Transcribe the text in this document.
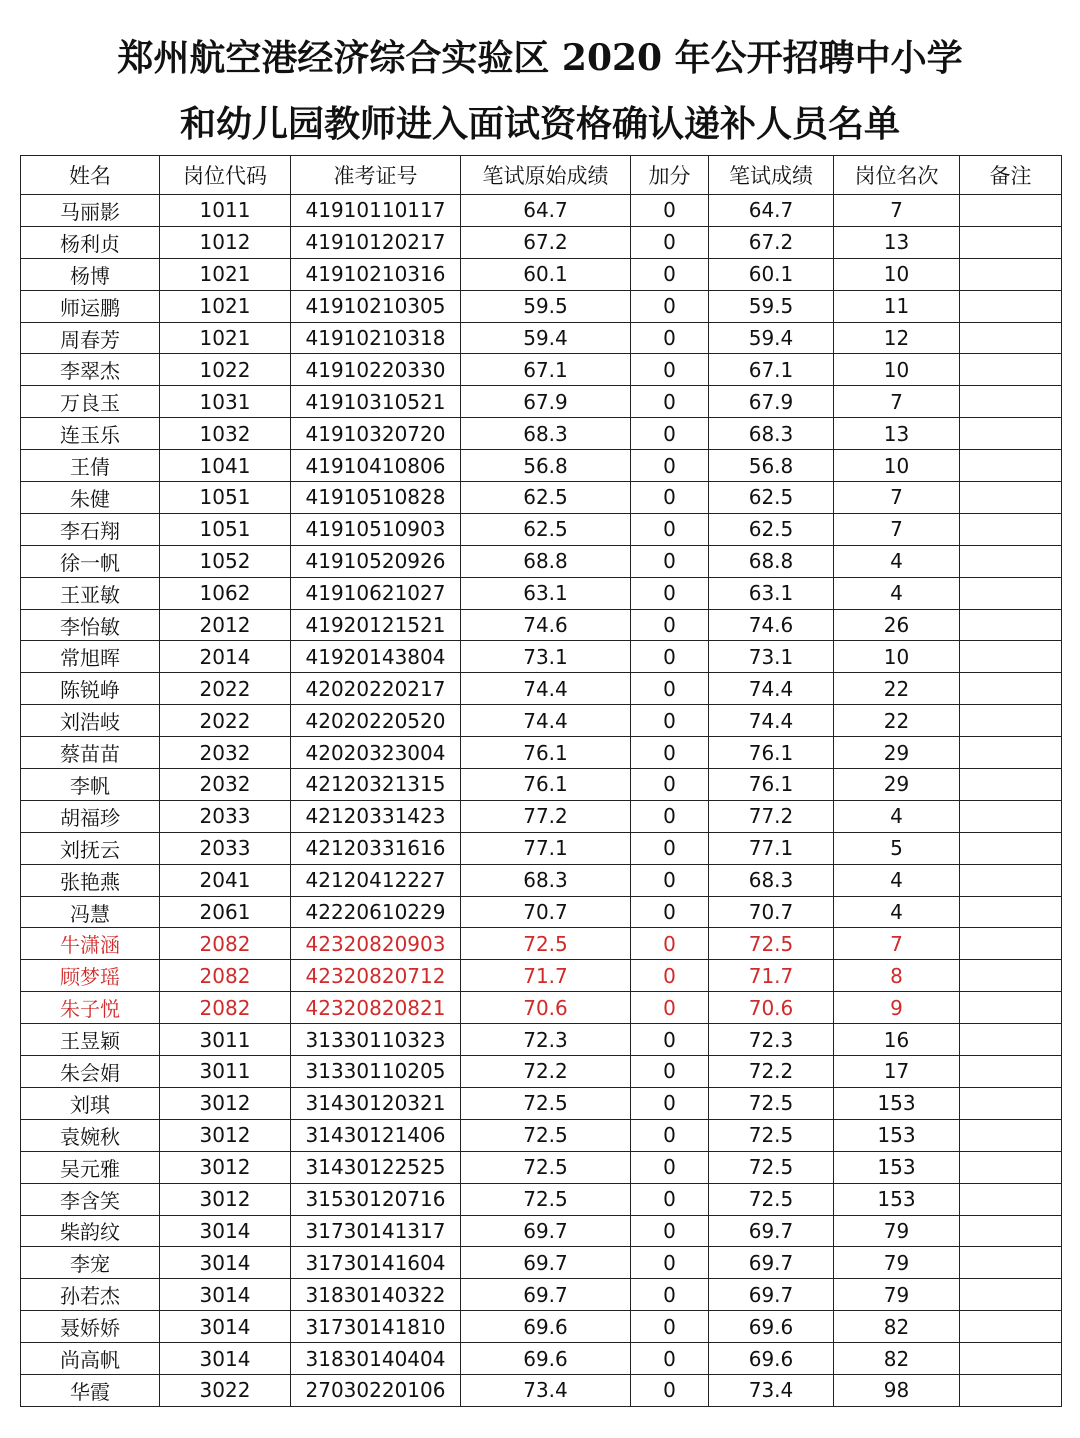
郑州航空港经济综合实验区 2020 年公开招聘中小学
和幼儿园教师进入面试资格确认递补人员名单
姓名	岗位代码	准考证号	笔试原始成绩	加分	笔试成绩	岗位名次	备注
马丽影	1011	41910110117	64.7	0	64.7	7	
杨利贞	1012	41910120217	67.2	0	67.2	13	
杨博	1021	41910210316	60.1	0	60.1	10	
师运鹏	1021	41910210305	59.5	0	59.5	11	
周春芳	1021	41910210318	59.4	0	59.4	12	
李翠杰	1022	41910220330	67.1	0	67.1	10	
万良玉	1031	41910310521	67.9	0	67.9	7	
连玉乐	1032	41910320720	68.3	0	68.3	13	
王倩	1041	41910410806	56.8	0	56.8	10	
朱健	1051	41910510828	62.5	0	62.5	7	
李石翔	1051	41910510903	62.5	0	62.5	7	
徐一帆	1052	41910520926	68.8	0	68.8	4	
王亚敏	1062	41910621027	63.1	0	63.1	4	
李怡敏	2012	41920121521	74.6	0	74.6	26	
常旭晖	2014	41920143804	73.1	0	73.1	10	
陈锐峥	2022	42020220217	74.4	0	74.4	22	
刘浩岐	2022	42020220520	74.4	0	74.4	22	
蔡苗苗	2032	42020323004	76.1	0	76.1	29	
李帆	2032	42120321315	76.1	0	76.1	29	
胡福珍	2033	42120331423	77.2	0	77.2	4	
刘抚云	2033	42120331616	77.1	0	77.1	5	
张艳燕	2041	42120412227	68.3	0	68.3	4	
冯慧	2061	42220610229	70.7	0	70.7	4	
牛潇涵	2082	42320820903	72.5	0	72.5	7	
顾梦瑶	2082	42320820712	71.7	0	71.7	8	
朱子悦	2082	42320820821	70.6	0	70.6	9	
王昱颖	3011	31330110323	72.3	0	72.3	16	
朱会娟	3011	31330110205	72.2	0	72.2	17	
刘琪	3012	31430120321	72.5	0	72.5	153	
袁婉秋	3012	31430121406	72.5	0	72.5	153	
吴元雅	3012	31430122525	72.5	0	72.5	153	
李含笑	3012	31530120716	72.5	0	72.5	153	
柴韵纹	3014	31730141317	69.7	0	69.7	79	
李宠	3014	31730141604	69.7	0	69.7	79	
孙若杰	3014	31830140322	69.7	0	69.7	79	
聂娇娇	3014	31730141810	69.6	0	69.6	82	
尚高帆	3014	31830140404	69.6	0	69.6	82	
华霞	3022	27030220106	73.4	0	73.4	98	
